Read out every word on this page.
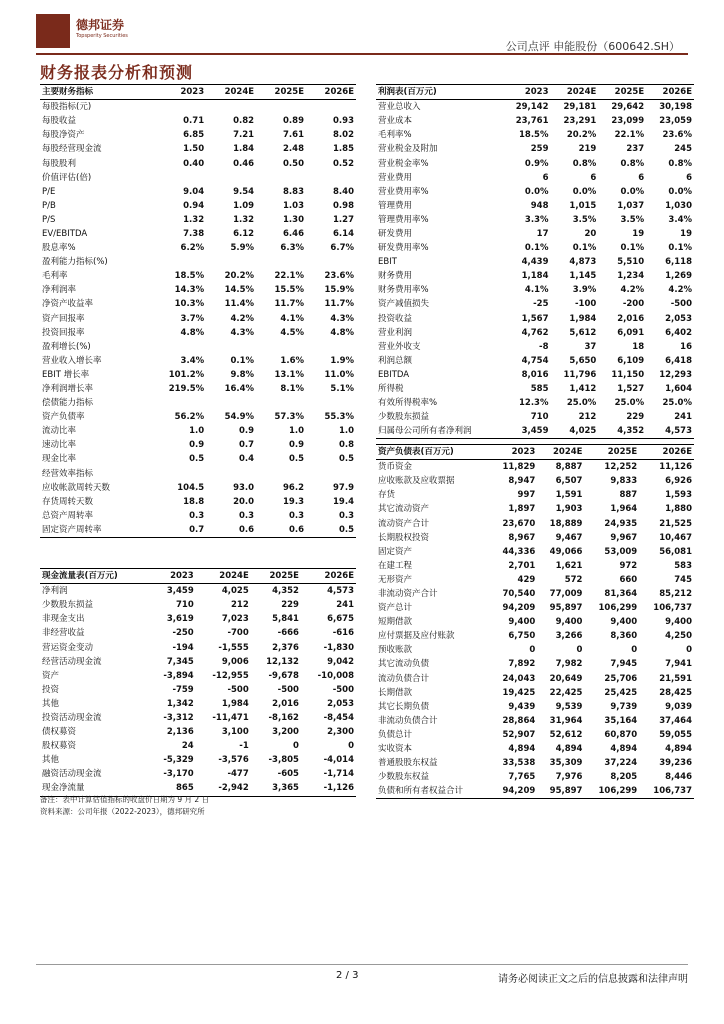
德邦证券
Topsperity Securities
公司点评 申能股份（600642.SH）
财务报表分析和预测
主要财务指标	2023	2024E	2025E	2026E
每股指标(元)				
每股收益	0.71	0.82	0.89	0.93
每股净资产	6.85	7.21	7.61	8.02
每股经营现金流	1.50	1.84	2.48	1.85
每股股利	0.40	0.46	0.50	0.52
价值评估(倍)				
P/E	9.04	9.54	8.83	8.40
P/B	0.94	1.09	1.03	0.98
P/S	1.32	1.32	1.30	1.27
EV/EBITDA	7.38	6.12	6.46	6.14
股息率%	6.2%	5.9%	6.3%	6.7%
盈利能力指标(%)				
毛利率	18.5%	20.2%	22.1%	23.6%
净利润率	14.3%	14.5%	15.5%	15.9%
净资产收益率	10.3%	11.4%	11.7%	11.7%
资产回报率	3.7%	4.2%	4.1%	4.3%
投资回报率	4.8%	4.3%	4.5%	4.8%
盈利增长(%)				
营业收入增长率	3.4%	0.1%	1.6%	1.9%
EBIT 增长率	101.2%	9.8%	13.1%	11.0%
净利润增长率	219.5%	16.4%	8.1%	5.1%
偿债能力指标				
资产负债率	56.2%	54.9%	57.3%	55.3%
流动比率	1.0	0.9	1.0	1.0
速动比率	0.9	0.7	0.9	0.8
现金比率	0.5	0.4	0.5	0.5
经营效率指标				
应收帐款周转天数	104.5	93.0	96.2	97.9
存货周转天数	18.8	20.0	19.3	19.4
总资产周转率	0.3	0.3	0.3	0.3
固定资产周转率	0.7	0.6	0.6	0.5
现金流量表(百万元)	2023	2024E	2025E	2026E
净利润	3,459	4,025	4,352	4,573
少数股东损益	710	212	229	241
非现金支出	3,619	7,023	5,841	6,675
非经营收益	-250	-700	-666	-616
营运资金变动	-194	-1,555	2,376	-1,830
经营活动现金流	7,345	9,006	12,132	9,042
资产	-3,894	-12,955	-9,678	-10,008
投资	-759	-500	-500	-500
其他	1,342	1,984	2,016	2,053
投资活动现金流	-3,312	-11,471	-8,162	-8,454
债权募资	2,136	3,100	3,200	2,300
股权募资	24	-1	0	0
其他	-5,329	-3,576	-3,805	-4,014
融资活动现金流	-3,170	-477	-605	-1,714
现金净流量	865	-2,942	3,365	-1,126
利润表(百万元)	2023	2024E	2025E	2026E
营业总收入	29,142	29,181	29,642	30,198
营业成本	23,761	23,291	23,099	23,059
毛利率%	18.5%	20.2%	22.1%	23.6%
营业税金及附加	259	219	237	245
营业税金率%	0.9%	0.8%	0.8%	0.8%
营业费用	6	6	6	6
营业费用率%	0.0%	0.0%	0.0%	0.0%
管理费用	948	1,015	1,037	1,030
管理费用率%	3.3%	3.5%	3.5%	3.4%
研发费用	17	20	19	19
研发费用率%	0.1%	0.1%	0.1%	0.1%
EBIT	4,439	4,873	5,510	6,118
财务费用	1,184	1,145	1,234	1,269
财务费用率%	4.1%	3.9%	4.2%	4.2%
资产减值损失	-25	-100	-200	-500
投资收益	1,567	1,984	2,016	2,053
营业利润	4,762	5,612	6,091	6,402
营业外收支	-8	37	18	16
利润总额	4,754	5,650	6,109	6,418
EBITDA	8,016	11,796	11,150	12,293
所得税	585	1,412	1,527	1,604
有效所得税率%	12.3%	25.0%	25.0%	25.0%
少数股东损益	710	212	229	241
归属母公司所有者净利润	3,459	4,025	4,352	4,573
资产负债表(百万元)	2023	2024E	2025E	2026E
货币资金	11,829	8,887	12,252	11,126
应收账款及应收票据	8,947	6,507	9,833	6,926
存货	997	1,591	887	1,593
其它流动资产	1,897	1,903	1,964	1,880
流动资产合计	23,670	18,889	24,935	21,525
长期股权投资	8,967	9,467	9,967	10,467
固定资产	44,336	49,066	53,009	56,081
在建工程	2,701	1,621	972	583
无形资产	429	572	660	745
非流动资产合计	70,540	77,009	81,364	85,212
资产总计	94,209	95,897	106,299	106,737
短期借款	9,400	9,400	9,400	9,400
应付票据及应付账款	6,750	3,266	8,360	4,250
预收账款	0	0	0	0
其它流动负债	7,892	7,982	7,945	7,941
流动负债合计	24,043	20,649	25,706	21,591
长期借款	19,425	22,425	25,425	28,425
其它长期负债	9,439	9,539	9,739	9,039
非流动负债合计	28,864	31,964	35,164	37,464
负债总计	52,907	52,612	60,870	59,055
实收资本	4,894	4,894	4,894	4,894
普通股股东权益	33,538	35,309	37,224	39,236
少数股东权益	7,765	7,976	8,205	8,446
负债和所有者权益合计	94,209	95,897	106,299	106,737
备注：表中计算估值指标的收盘价日期为 9 月 2 日
资料来源：公司年报（2022-2023），德邦研究所
2 / 3	请务必阅读正文之后的信息披露和法律声明
